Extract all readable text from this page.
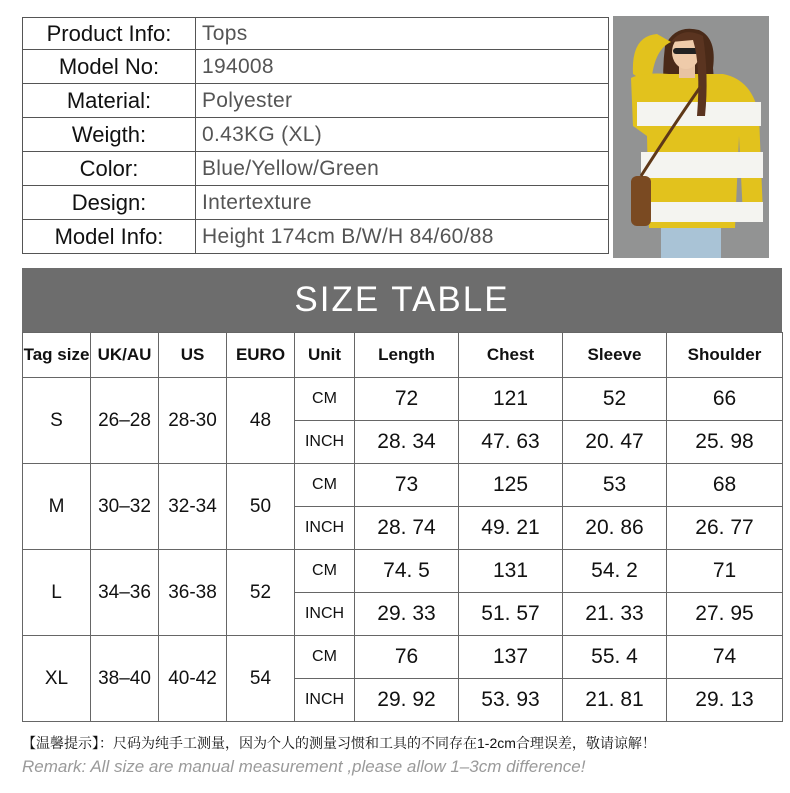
Product Info:	Tops
Model No:	194008
Material:	Polyester
Weigth:	0.43KG (XL)
Color:	Blue/Yellow/Green
Design:	Intertexture
Model Info:	Height 174cm B/W/H 84/60/88
SIZE TABLE
Tag size	UK/AU	US	EURO	Unit	Length	Chest	Sleeve	Shoulder
S	26–28	28-30	48	CM	72	121	52	66
				INCH	28. 34	47. 63	20. 47	25. 98
M	30–32	32-34	50	CM	73	125	53	68
				INCH	28. 74	49. 21	20. 86	26. 77
L	34–36	36-38	52	CM	74. 5	131	54. 2	71
				INCH	29. 33	51. 57	21. 33	27. 95
XL	38–40	40-42	54	CM	76	137	55. 4	74
				INCH	29. 92	53. 93	21. 81	29. 13
【温馨提示】：尺码为纯手工测量，因为个人的测量习惯和工具的不同存在1-2cm合理误差，敬请谅解！
Remark: All size are manual measurement ,please allow 1–3cm difference!
